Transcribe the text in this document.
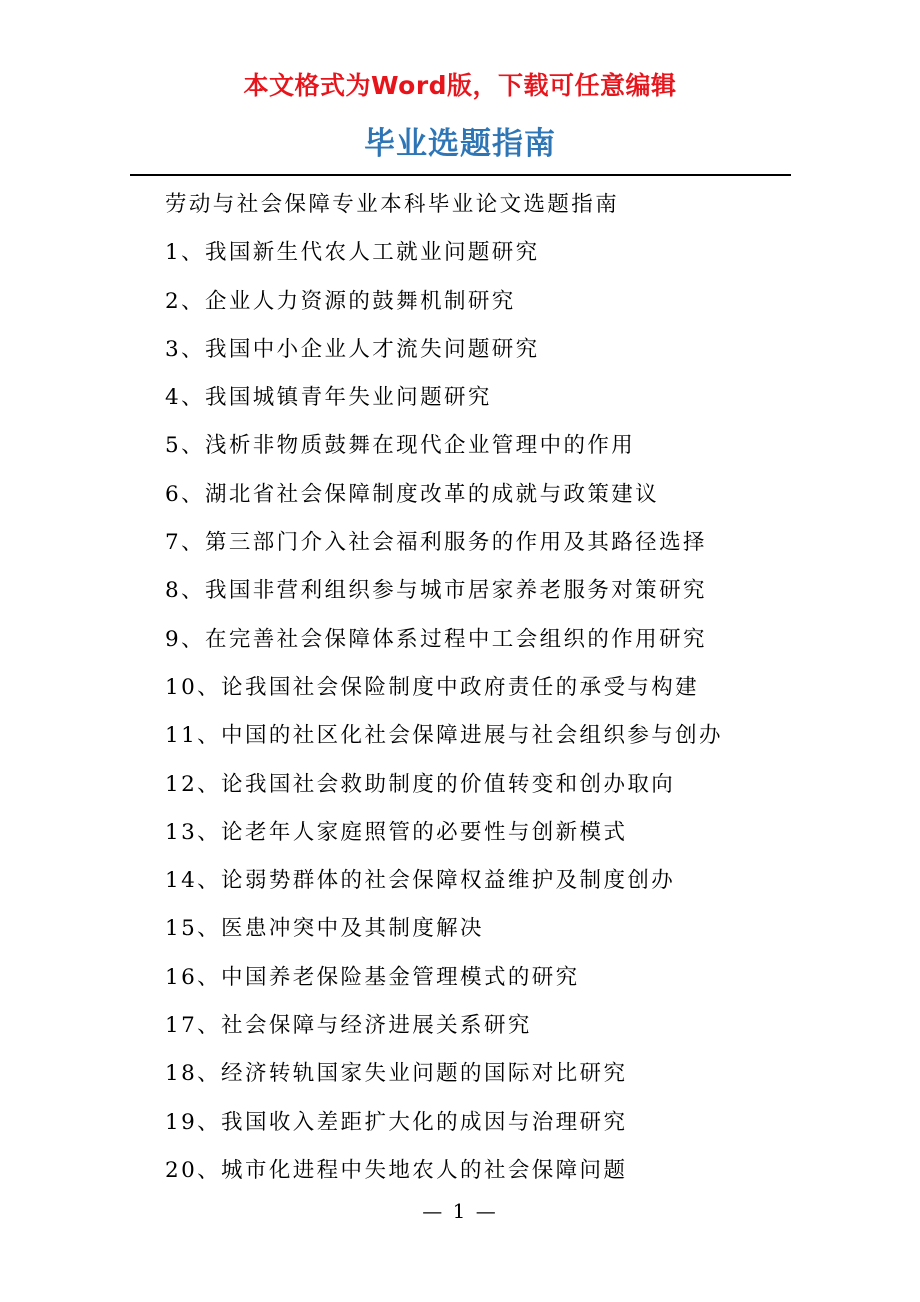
本文格式为Word版，下载可任意编辑
毕业选题指南
劳动与社会保障专业本科毕业论文选题指南
1、我国新生代农人工就业问题研究
2、企业人力资源的鼓舞机制研究
3、我国中小企业人才流失问题研究
4、我国城镇青年失业问题研究
5、浅析非物质鼓舞在现代企业管理中的作用
6、湖北省社会保障制度改革的成就与政策建议
7、第三部门介入社会福利服务的作用及其路径选择
8、我国非营利组织参与城市居家养老服务对策研究
9、在完善社会保障体系过程中工会组织的作用研究
10、论我国社会保险制度中政府责任的承受与构建
11、中国的社区化社会保障进展与社会组织参与创办
12、论我国社会救助制度的价值转变和创办取向
13、论老年人家庭照管的必要性与创新模式
14、论弱势群体的社会保障权益维护及制度创办
15、医患冲突中及其制度解决
16、中国养老保险基金管理模式的研究
17、社会保障与经济进展关系研究
18、经济转轨国家失业问题的国际对比研究
19、我国收入差距扩大化的成因与治理研究
20、城市化进程中失地农人的社会保障问题
— 1 —
